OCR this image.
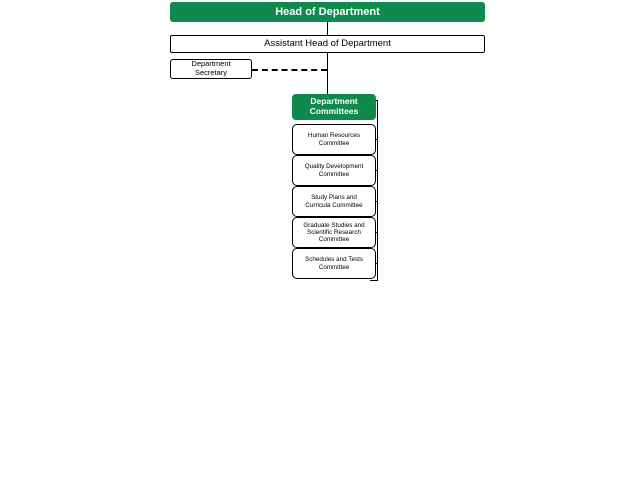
Head of Department
Assistant Head of Department
Department
Secretary
Department
Committees
Human Resources
Committee
Quality Development
Committee
Study Plans and
Curricula Committee
Graduate Studies and
Scientific Research
Committee
Schedules and Tests
Committee
